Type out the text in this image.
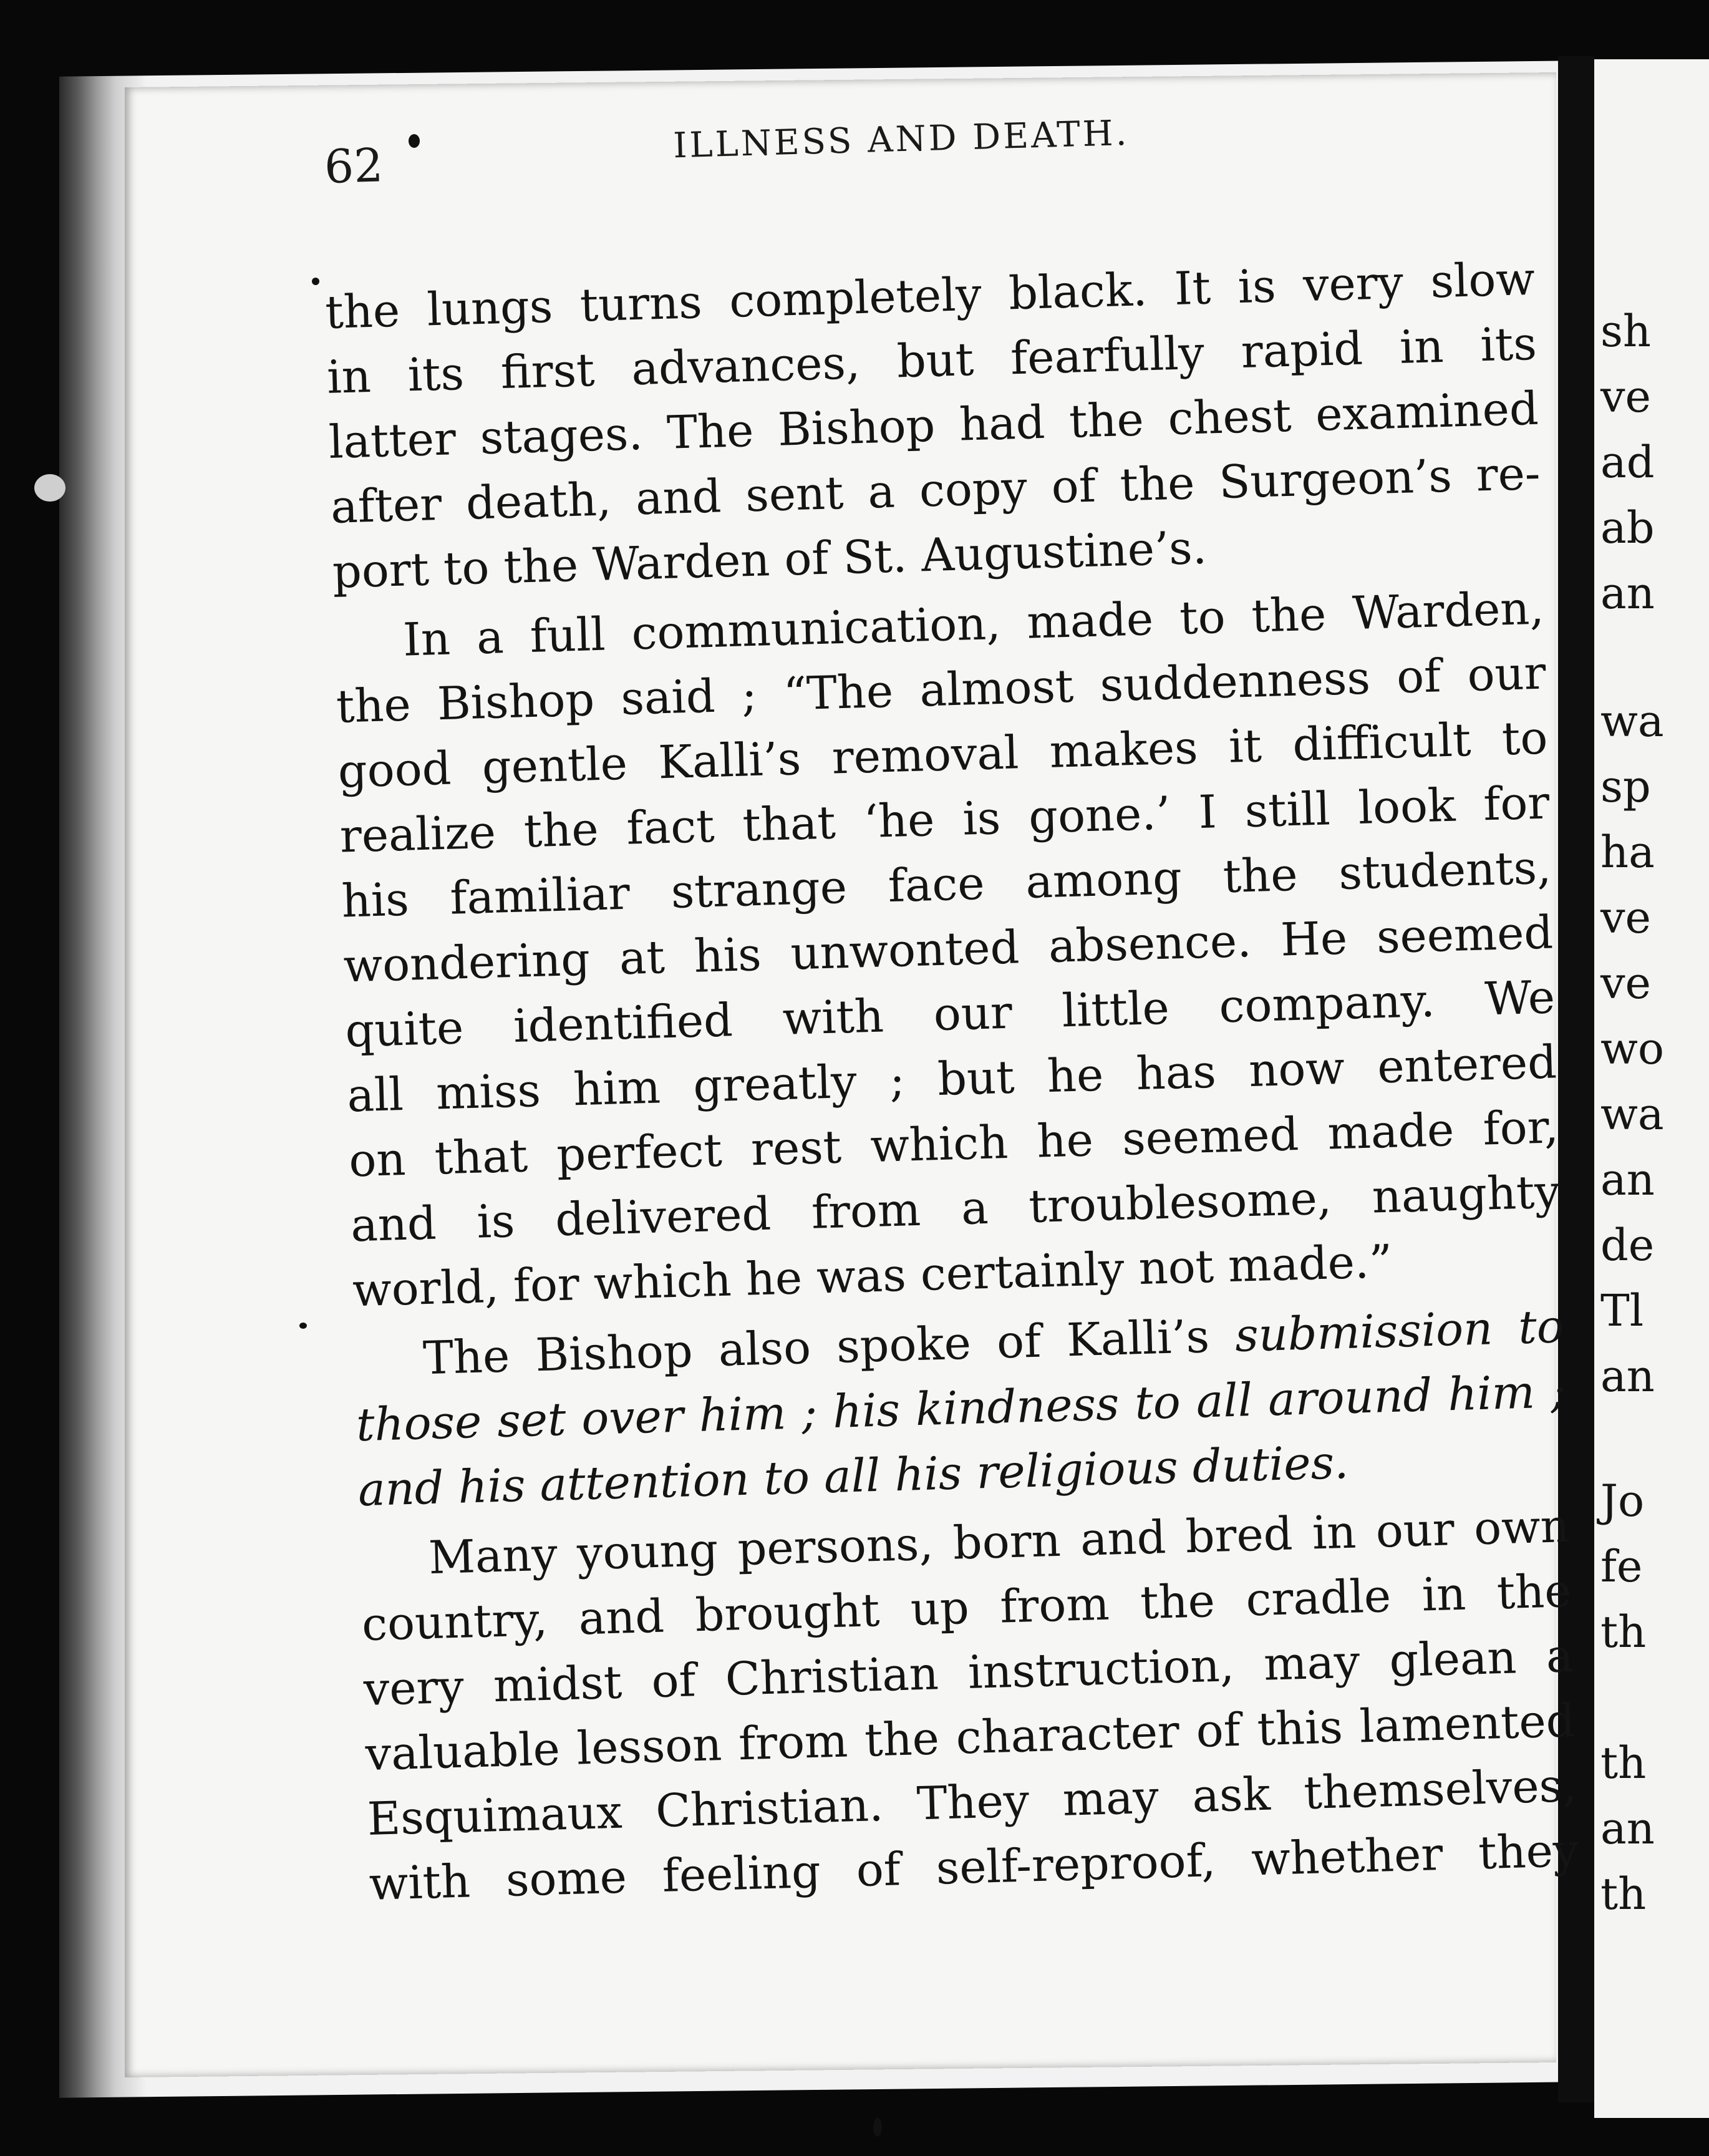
sh
ve
ad
ab
an
wa
sp
ha
ve
ve
wo
wa
an
de
Tl
an
Jo
fe
th
th
an
th
62	ILLNESS AND DEATH.
the lungs turns completely black. It is very slow
in its first advances, but fearfully rapid in its
latter stages. The Bishop had the chest examined
after death, and sent a copy of the Surgeon’s re-
port to the Warden of St. Augustine’s.
In a full communication, made to the Warden,
the Bishop said ; “The almost suddenness of our
good gentle Kalli’s removal makes it difficult to
realize the fact that ‘he is gone.’ I still look for
his familiar strange face among the students,
wondering at his unwonted absence. He seemed
quite identified with our little company. We
all miss him greatly ; but he has now entered
on that perfect rest which he seemed made for,
and is delivered from a troublesome, naughty
world, for which he was certainly not made.”
The Bishop also spoke of Kalli’s submission to
those set over him ; his kindness to all around him ;
and his attention to all his religious duties.
Many young persons, born and bred in our own
country, and brought up from the cradle in the
very midst of Christian instruction, may glean a
valuable lesson from the character of this lamented
Esquimaux Christian. They may ask themselves,
with some feeling of self-reproof, whether they
